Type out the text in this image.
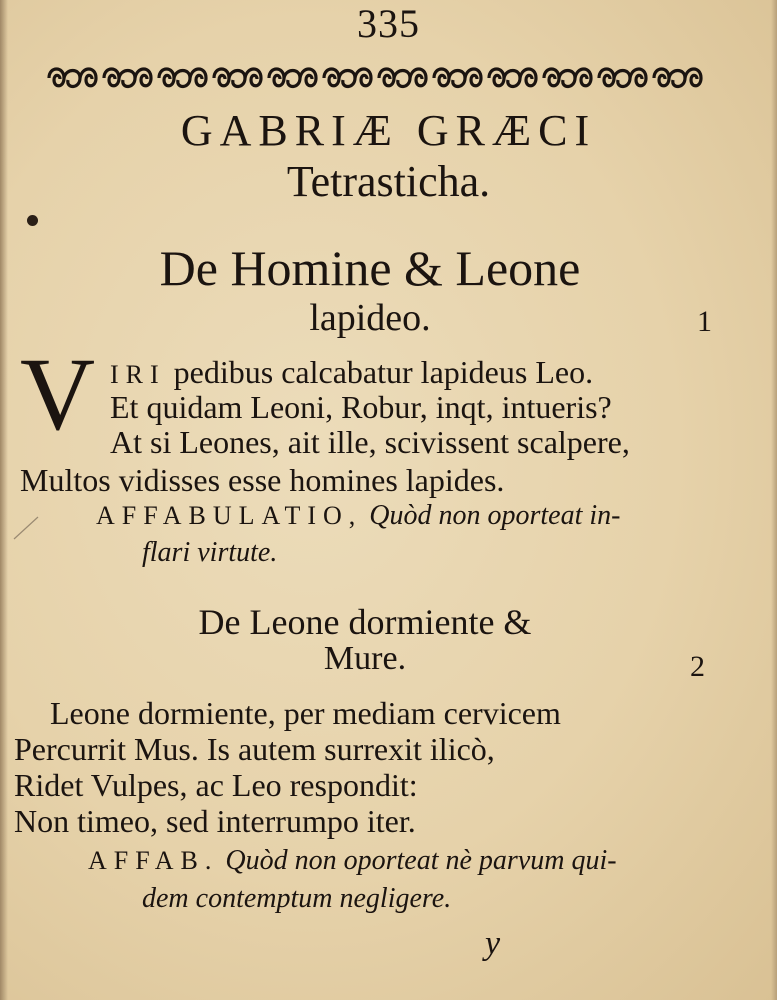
335
GABRIÆ GRÆCI
Tetrasticha.
De Homine & Leone
lapideo.	1
V IRI pedibus calcabatur lapideus Leo.
Et quidam Leoni, Robur, inqt, intueris?
At si Leones, ait ille, scivissent scalpere,
Multos vidisses esse homines lapides.
AFFABULATIO, Quòd non oporteat in-
flari virtute.
De Leone dormiente &
Mure.	2
Leone dormiente, per mediam cervicem
Percurrit Mus. Is autem surrexit ilicò,
Ridet Vulpes, ac Leo respondit:
Non timeo, sed interrumpo iter.
AFFAB. Quòd non oporteat nè parvum qui-
dem contemptum negligere.
y
